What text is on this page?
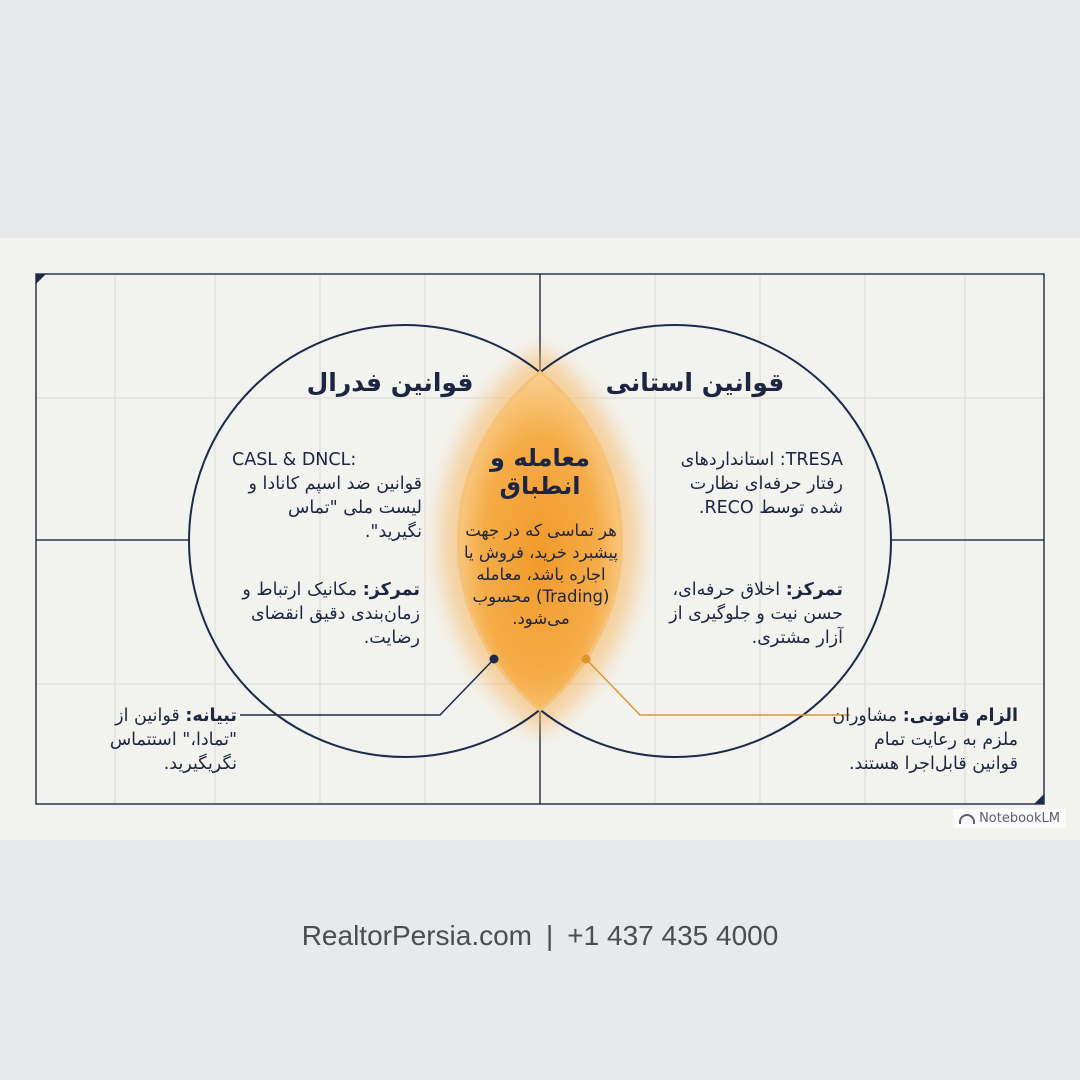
قوانین فدرال
CASL & DNCL:
قوانین ضد اسپم کانادا و لیست ملی "تماس نگیرید".
تمرکز: مکانیک ارتباط و زمان‌بندی دقیق انقضای رضایت.
تبیانه: قوانین از "تمادا،" استتماس نگریگیرید.
قوانین استانی
TRESA: استانداردهای رفتار حرفه‌ای نظارت شده توسط RECO.
تمرکز: اخلاق حرفه‌ای، حسن نیت و جلوگیری از آزار مشتری.
الزام قانونی: مشاوران ملزم به رعایت تمام قوانین قابل‌اجرا هستند.
معامله و انطباق
هر تماسی که در جهت پیشبرد خرید، فروش یا اجاره باشد، معامله (Trading) محسوب می‌شود.
NotebookLM
RealtorPersia.com | +1 437 435 4000
